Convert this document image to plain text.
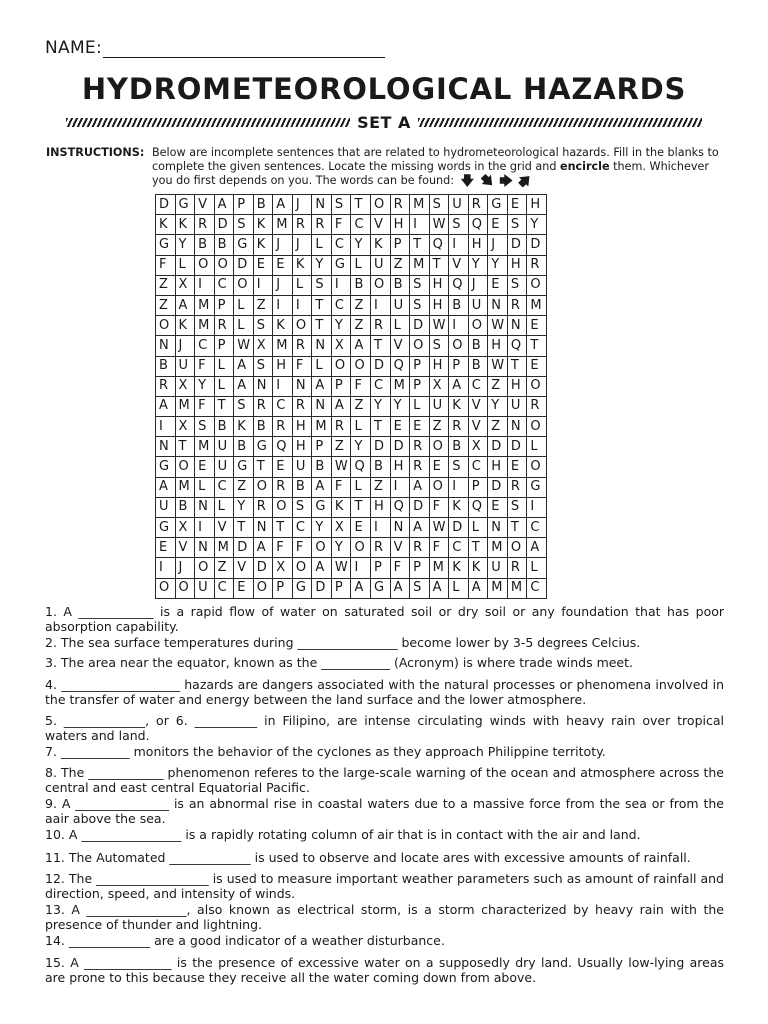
NAME:
HYDROMETEOROLOGICAL HAZARDS
SET A
INSTRUCTIONS: Below are incomplete sentences that are related to hydrometeorological hazards. Fill in the blanks to complete the given sentences. Locate the missing words in the grid and encircle them. Whichever you do first depends on you. The words can be found: 🡇 🡆 🡆 🡆
D	G	V	A	P	B	A	J	N	S	T	O	R	M	S	U	R	G	E	H
K	K	R	D	S	K	M	R	R	F	C	V	H	I	W	S	Q	E	S	Y
G	Y	B	B	G	K	J	J	L	C	Y	K	P	T	Q	I	H	J	D	D
F	L	O	O	D	E	E	K	Y	G	L	U	Z	M	T	V	Y	Y	H	R
Z	X	I	C	O	I	J	L	S	I	B	O	B	S	H	Q	J	E	S	O
Z	A	M	P	L	Z	I	I	T	C	Z	I	U	S	H	B	U	N	R	M
O	K	M	R	L	S	K	O	T	Y	Z	R	L	D	W	I	O	W	N	E
N	J	C	P	W	X	M	R	N	X	A	T	V	O	S	O	B	H	Q	T
B	U	F	L	A	S	H	F	L	O	O	D	Q	P	H	P	B	W	T	E
R	X	Y	L	A	N	I	N	A	P	F	C	M	P	X	A	C	Z	H	O
A	M	F	T	S	R	C	R	N	A	Z	Y	Y	L	U	K	V	Y	U	R
I	X	S	B	K	B	R	H	M	R	L	T	E	E	Z	R	V	Z	N	O
N	T	M	U	B	G	Q	H	P	Z	Y	D	D	R	O	B	X	D	D	L
G	O	E	U	G	T	E	U	B	W	Q	B	H	R	E	S	C	H	E	O
A	M	L	C	Z	O	R	B	A	F	L	Z	I	A	O	I	P	D	R	G
U	B	N	L	Y	R	O	S	G	K	T	H	Q	D	F	K	Q	E	S	I
G	X	I	V	T	N	T	C	Y	X	E	I	N	A	W	D	L	N	T	C
E	V	N	M	D	A	F	F	O	Y	O	R	V	R	F	C	T	M	O	A
I	J	O	Z	V	D	X	O	A	W	I	P	F	P	M	K	K	U	R	L
O	O	U	C	E	O	P	G	D	P	A	G	A	S	A	L	A	M	M	C
1. A ____________ is a rapid flow of water on saturated soil or dry soil or any foundation that has poor absorption capability.
2. The sea surface temperatures during ________________ become lower by 3-5 degrees Celcius.
3. The area near the equator, known as the ___________ (Acronym) is where trade winds meet.
4. ___________________ hazards are dangers associated with the natural processes or phenomena involved in the transfer of water and energy between the land surface and the lower atmosphere.
5. _____________, or 6. __________ in Filipino, are intense circulating winds with heavy rain over tropical waters and land.
7. ___________ monitors the behavior of the cyclones as they approach Philippine territoty.
8. The ____________ phenomenon referes to the large-scale warning of the ocean and atmosphere across the central and east central Equatorial Pacific.
9. A _______________ is an abnormal rise in coastal waters due to a massive force from the sea or from the aair above the sea.
10. A ________________ is a rapidly rotating column of air that is in contact with the air and land.
11. The Automated _____________ is used to observe and locate ares with excessive amounts of rainfall.
12. The __________________ is used to measure important weather parameters such as amount of rainfall and direction, speed, and intensity of winds.
13. A ________________, also known as electrical storm, is a storm characterized by heavy rain with the presence of thunder and lightning.
14. _____________ are a good indicator of a weather disturbance.
15. A ______________ is the presence of excessive water on a supposedly dry land. Usually low-lying areas are prone to this because they receive all the water coming down from above.
